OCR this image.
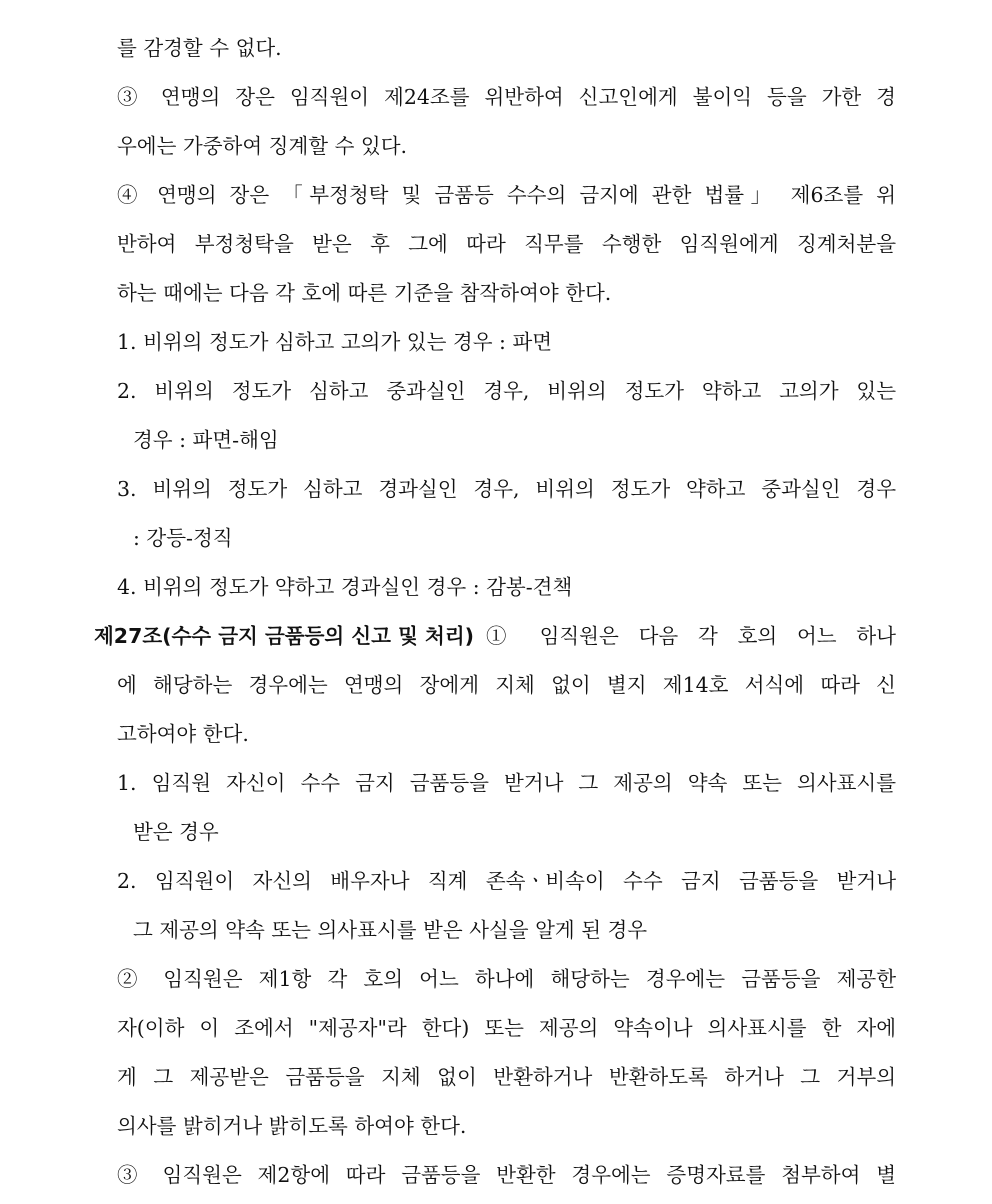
를 감경할 수 없다.
③ 연맹의 장은 임직원이 제24조를 위반하여 신고인에게 불이익 등을 가한 경
우에는 가중하여 징계할 수 있다.
④ 연맹의 장은 「부정청탁 및 금품등 수수의 금지에 관한 법률」 제6조를 위
반하여 부정청탁을 받은 후 그에 따라 직무를 수행한 임직원에게 징계처분을
하는 때에는 다음 각 호에 따른 기준을 참작하여야 한다.
1. 비위의 정도가 심하고 고의가 있는 경우 : 파면
2. 비위의 정도가 심하고 중과실인 경우, 비위의 정도가 약하고 고의가 있는
경우 : 파면-해임
3. 비위의 정도가 심하고 경과실인 경우, 비위의 정도가 약하고 중과실인 경우
: 강등-정직
4. 비위의 정도가 약하고 경과실인 경우 : 감봉-견책
제27조(수수 금지 금품등의 신고 및 처리) ① 임직원은 다음 각 호의 어느 하나
에 해당하는 경우에는 연맹의 장에게 지체 없이 별지 제14호 서식에 따라 신
고하여야 한다.
1. 임직원 자신이 수수 금지 금품등을 받거나 그 제공의 약속 또는 의사표시를
받은 경우
2. 임직원이 자신의 배우자나 직계 존속ㆍ비속이 수수 금지 금품등을 받거나
그 제공의 약속 또는 의사표시를 받은 사실을 알게 된 경우
② 임직원은 제1항 각 호의 어느 하나에 해당하는 경우에는 금품등을 제공한
자(이하 이 조에서 "제공자"라 한다) 또는 제공의 약속이나 의사표시를 한 자에
게 그 제공받은 금품등을 지체 없이 반환하거나 반환하도록 하거나 그 거부의
의사를 밝히거나 밝히도록 하여야 한다.
③ 임직원은 제2항에 따라 금품등을 반환한 경우에는 증명자료를 첨부하여 별
